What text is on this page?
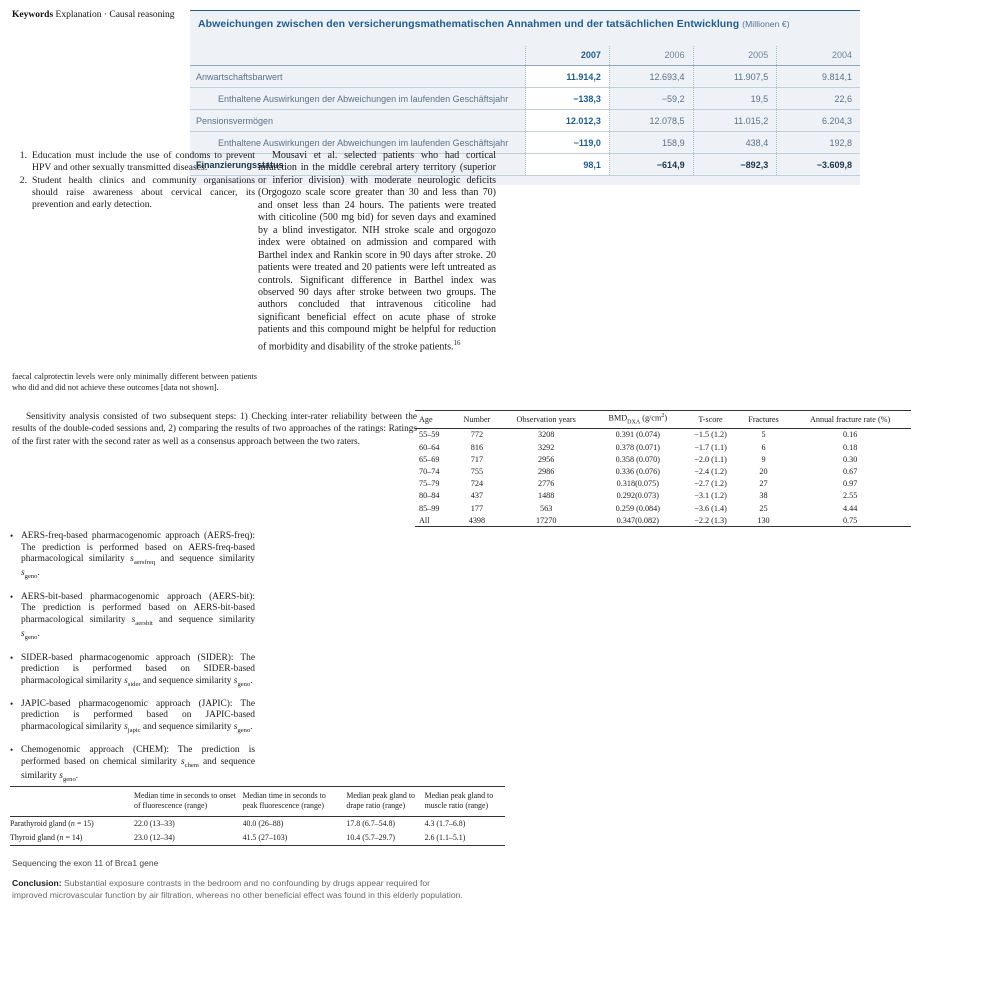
Keywords Explanation · Causal reasoning
Abweichungen zwischen den versicherungsmathematischen Annahmen und der tatsächlichen Entwicklung (Millionen €)
	2007	2006	2005	2004
Anwartschaftsbarwert	11.914,2	12.693,4	11.907,5	9.814,1
Enthaltene Auswirkungen der Abweichungen im laufenden Geschäftsjahr	−138,3	−59,2	19,5	22,6
Pensionsvermögen	12.012,3	12.078,5	11.015,2	6.204,3
Enthaltene Auswirkungen der Abweichungen im laufenden Geschäftsjahr	−119,0	158,9	438,4	192,8
Finanzierungsstatus	98,1	−614,9	−892,3	−3.609,8
1. Education must include the use of condoms to prevent HPV and other sexually transmitted diseases.
2. Student health clinics and community organisations should raise awareness about cervical cancer, its prevention and early detection.
Mousavi et al. selected patients who had cortical infarction in the middle cerebral artery territory (superior or inferior division) with moderate neurologic deficits (Orgogozo scale score greater than 30 and less than 70) and onset less than 24 hours. The patients were treated with citicoline (500 mg bid) for seven days and examined by a blind investigator. NIH stroke scale and orgogozo index were obtained on admission and compared with Barthel index and Rankin score in 90 days after stroke. 20 patients were treated and 20 patients were left untreated as controls. Significant difference in Barthel index was observed 90 days after stroke between two groups. The authors concluded that intravenous citicoline had significant beneficial effect on acute phase of stroke patients and this compound might be helpful for reduction of morbidity and disability of the stroke patients.$^{16}$
faecal calprotectin levels were only minimally different between patients who did and did not achieve these outcomes [data not shown].
Sensitivity analysis consisted of two subsequent steps: 1) Checking inter-rater reliability between the results of the double-coded sessions and, 2) comparing the results of two approaches of the ratings: Ratings of the first rater with the second rater as well as a consensus approach between the two raters.
Age	Number	Observation years	$BMD_{DXA}$ $(g/cm^2)$	T-score	Fractures	Annual fracture rate (%)
55–59	772	3208	0.391 (0.074)	−1.5 (1.2)	5	0.16
60–64	816	3292	0.378 (0.071)	−1.7 (1.1)	6	0.18
65–69	717	2956	0.358 (0.070)	−2.0 (1.1)	9	0.30
70–74	755	2986	0.336 (0.076)	−2.4 (1.2)	20	0.67
75–79	724	2776	0.318(0.075)	−2.7 (1.2)	27	0.97
80–84	437	1488	0.292(0.073)	−3.1 (1.2)	38	2.55
85–99	177	563	0.259 (0.084)	−3.6 (1.4)	25	4.44
All	4398	17270	0.347(0.082)	−2.2 (1.3)	130	0.75
• AERS-freq-based pharmacogenomic approach (AERS-freq): The prediction is performed based on AERS-freq-based pharmacological similarity $s_{aersfreq}$ and sequence similarity $s_{geno}$.
• AERS-bit-based pharmacogenomic approach (AERS-bit): The prediction is performed based on AERS-bit-based pharmacological similarity $s_{aersbit}$ and sequence similarity $s_{geno}$.
• SIDER-based pharmacogenomic approach (SIDER): The prediction is performed based on SIDER-based pharmacological similarity $s_{sider}$ and sequence similarity $s_{geno}$.
• JAPIC-based pharmacogenomic approach (JAPIC): The prediction is performed based on JAPIC-based pharmacological similarity $s_{japic}$ and sequence similarity $s_{geno}$.
• Chemogenomic approach (CHEM): The prediction is performed based on chemical similarity $s_{chem}$ and sequence similarity $s_{geno}$.
	Median time in seconds to onset of fluorescence (range)	Median time in seconds to peak fluorescence (range)	Median peak gland to drape ratio (range)	Median peak gland to muscle ratio (range)
Parathyroid gland (n = 15)	22.0 (13–33)	40.0 (26–88)	17.8 (6.7–54.8)	4.3 (1.7–6.8)
Thyroid gland (n = 14)	23.0 (12–34)	41.5 (27–103)	10.4 (5.7–29.7)	2.6 (1.1–5.1)
Sequencing the exon 11 of Brca1 gene
Conclusion: Substantial exposure contrasts in the bedroom and no confounding by drugs appear required for improved microvascular function by air filtration, whereas no other beneficial effect was found in this elderly population.
